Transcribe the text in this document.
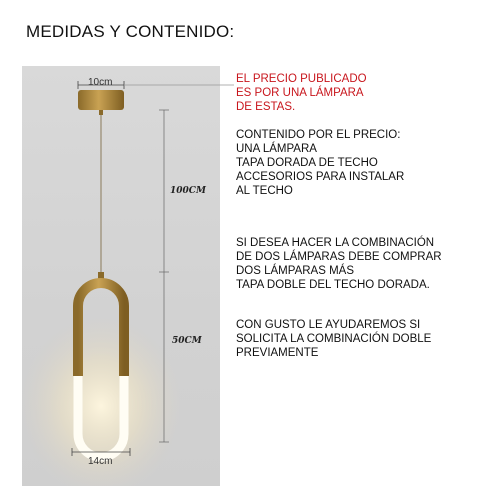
MEDIDAS Y CONTENIDO:
10cm
14cm
100CM
50CM
EL PRECIO PUBLICADO
ES POR UNA LÁMPARA
DE ESTAS.
CONTENIDO POR EL PRECIO:
UNA LÁMPARA
TAPA DORADA DE TECHO
ACCESORIOS PARA INSTALAR
AL TECHO
SI DESEA HACER LA COMBINACIÓN
DE DOS LÁMPARAS DEBE COMPRAR
DOS LÁMPARAS MÁS
TAPA DOBLE DEL TECHO DORADA.
CON GUSTO LE AYUDAREMOS SI
SOLICITA LA COMBINACIÓN DOBLE
PREVIAMENTE
